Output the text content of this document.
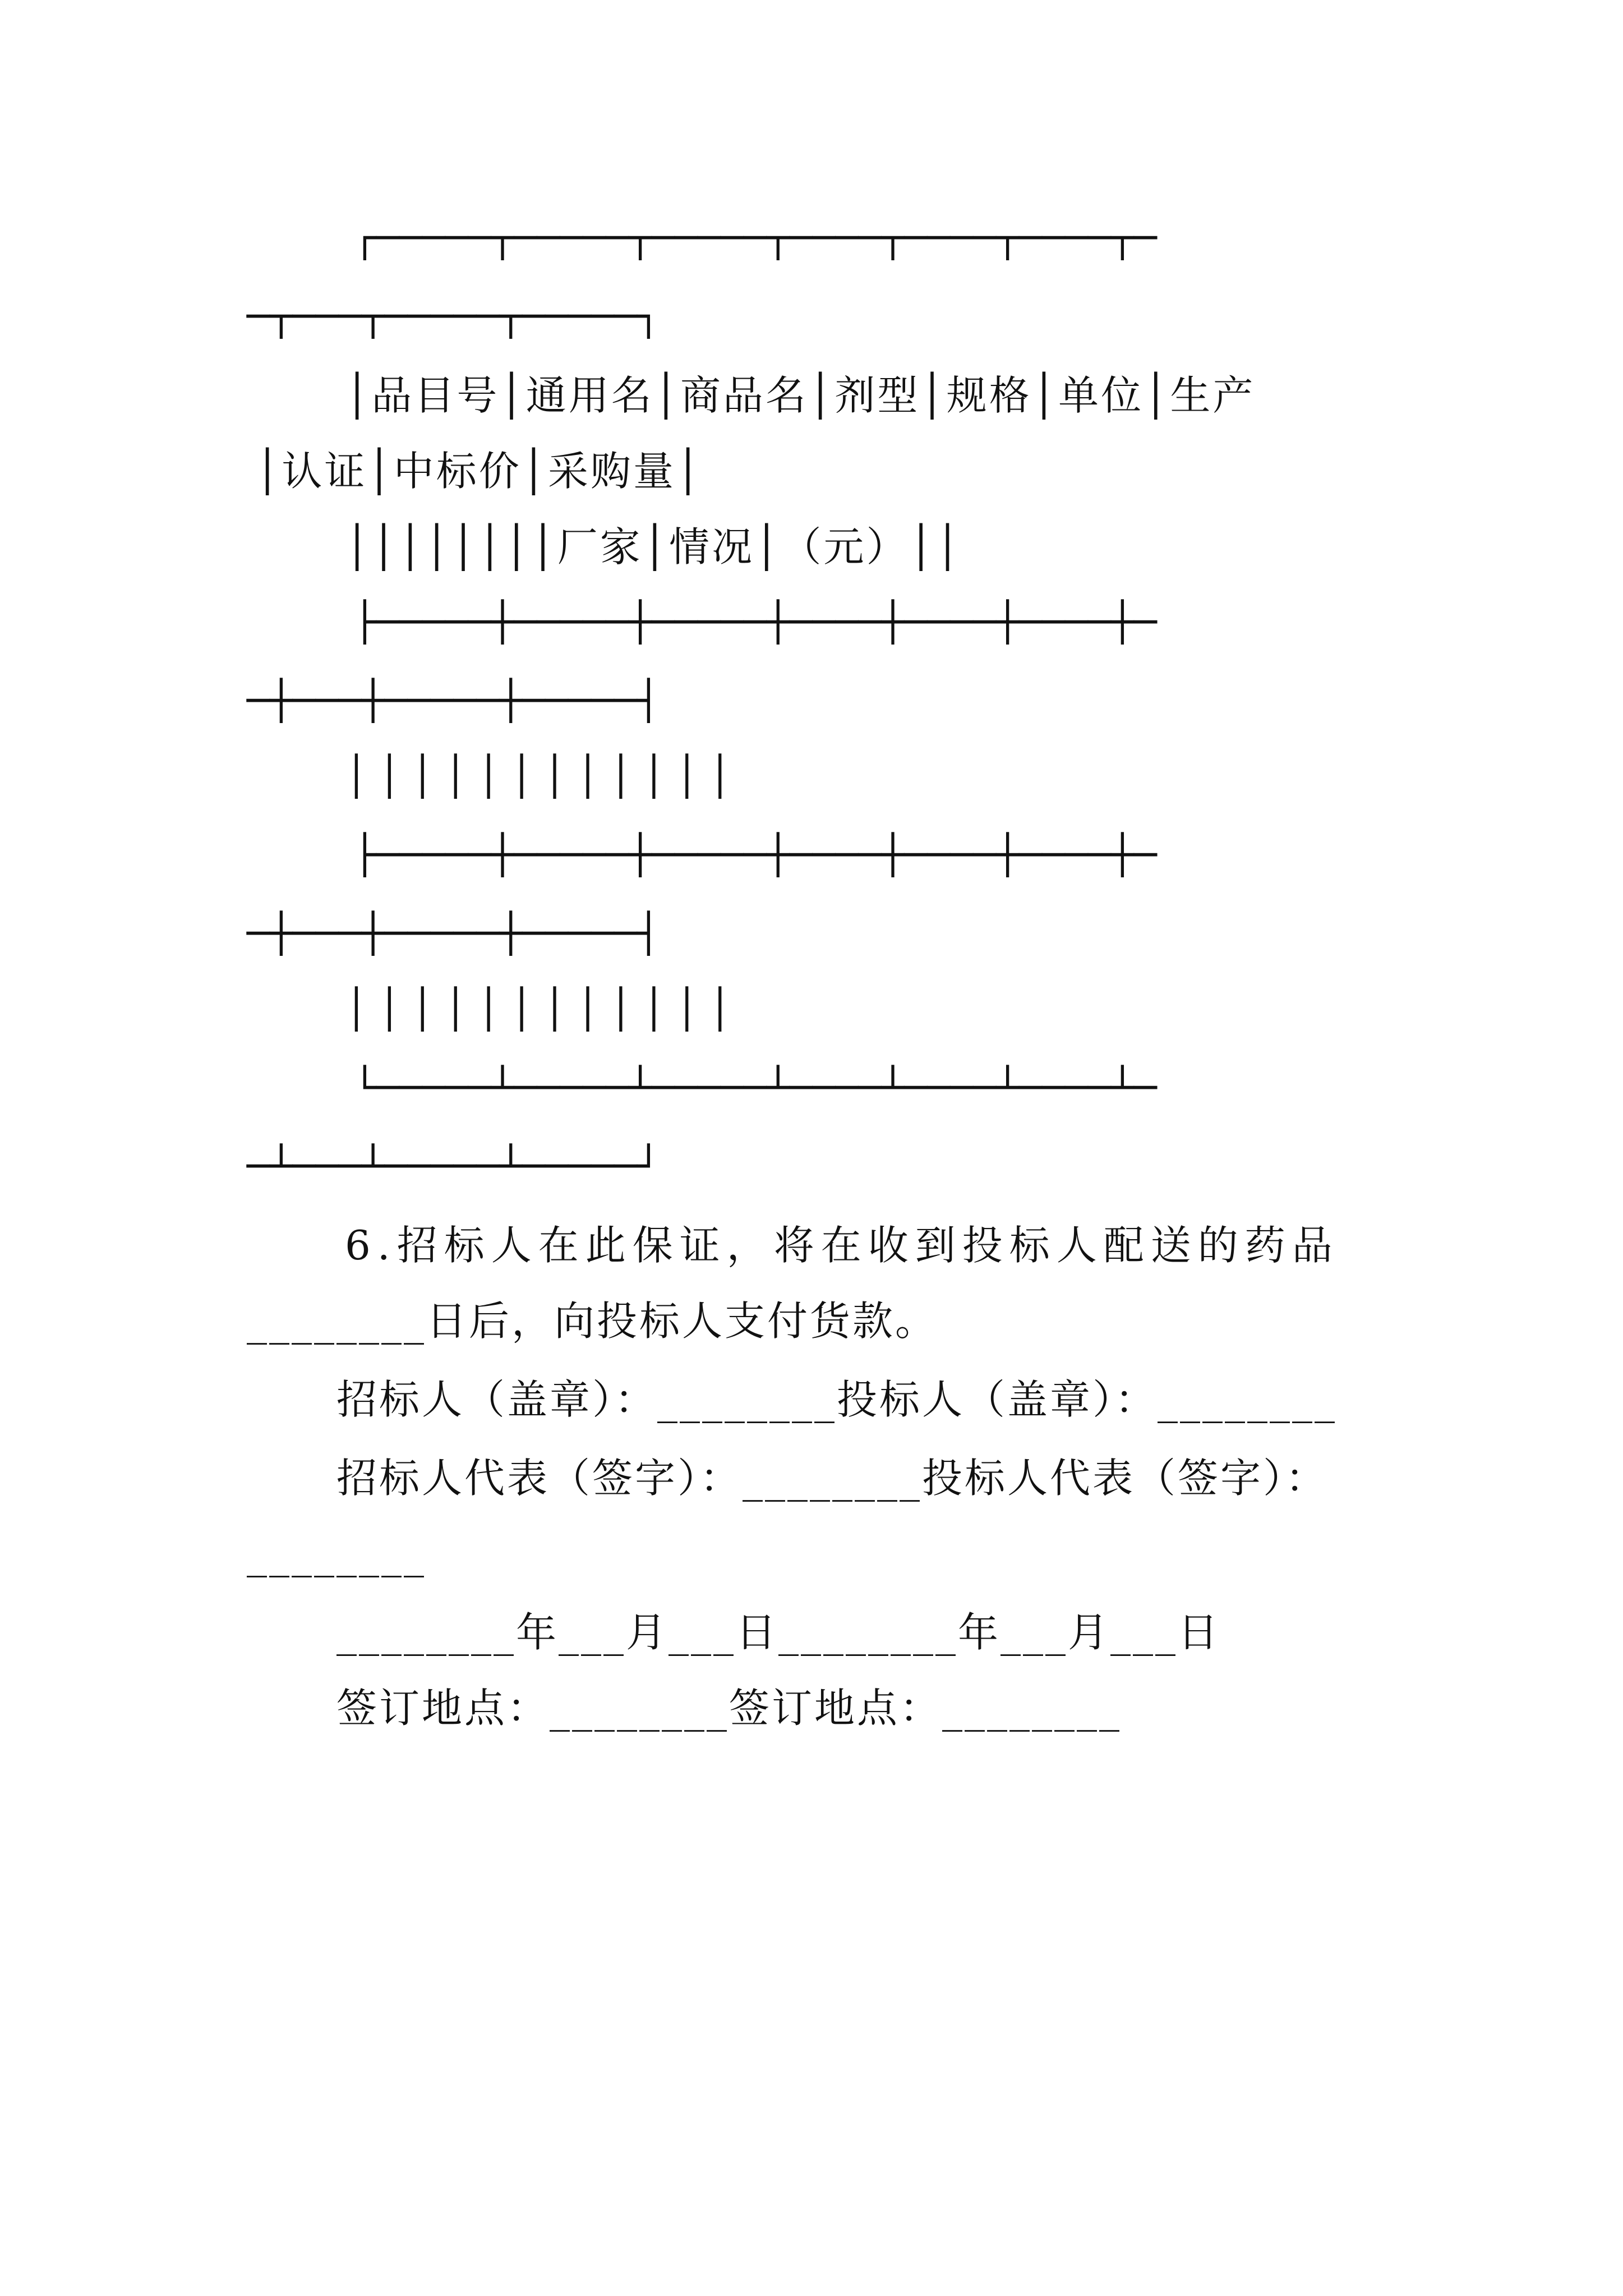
┌─────┬─────┬─────┬────┬────┬────┬─
─┬───┬─────┬─────┐
│品目号│通用名│商品名│剂型│规格│单位│生产
│认证│中标价│采购量│
││││││││厂家│情况│（元）││
├─────┼─────┼─────┼────┼────┼────┼─
─┼───┼─────┼─────┤
││││││││││││
├─────┼─────┼─────┼────┼────┼────┼─
─┼───┼─────┼─────┤
││││││││││││
└─────┴─────┴─────┴────┴────┴────┴─
─┴───┴─────┴─────┘
6.招标人在此保证，将在收到投标人配送的药品
________日后，向投标人支付货款。
招标人（盖章）：________投标人（盖章）：________
招标人代表（签字）：________投标人代表（签字）：
________
________年___月___日________年___月___日
签订地点：________签订地点：________
